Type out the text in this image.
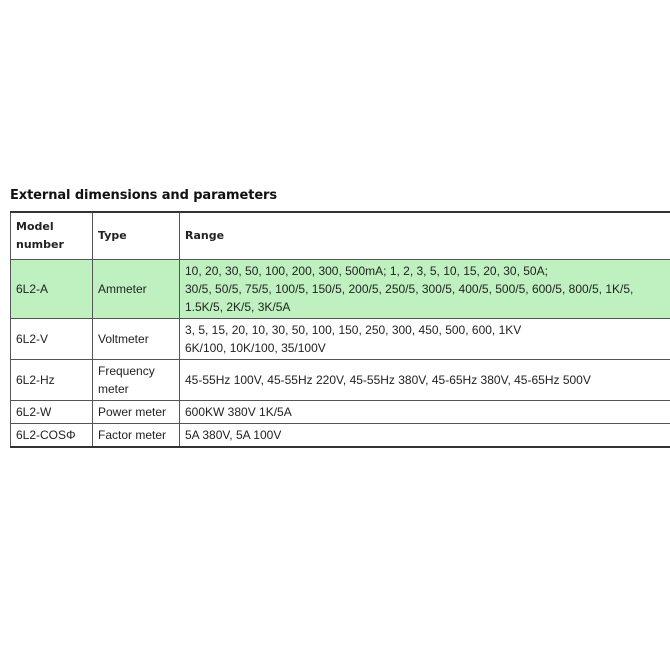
External dimensions and parameters
Model number	Type	Range
6L2-A	Ammeter	10, 20, 30, 50, 100, 200, 300, 500mA; 1, 2, 3, 5, 10, 15, 20, 30, 50A;
30/5, 50/5, 75/5, 100/5, 150/5, 200/5, 250/5, 300/5, 400/5, 500/5, 600/5, 800/5, 1K/5,
1.5K/5, 2K/5, 3K/5A

6L2-V	Voltmeter	3, 5, 15, 20, 10, 30, 50, 100, 150, 250, 300, 450, 500, 600, 1KV
6K/100, 10K/100, 35/100V

6L2-Hz	Frequency meter	45-55Hz 100V, 45-55Hz 220V, 45-55Hz 380V, 45-65Hz 380V, 45-65Hz 500V

6L2-W	Power meter	600KW 380V 1K/5A

6L2-COSΦ	Factor meter	5A 380V, 5A 100V
